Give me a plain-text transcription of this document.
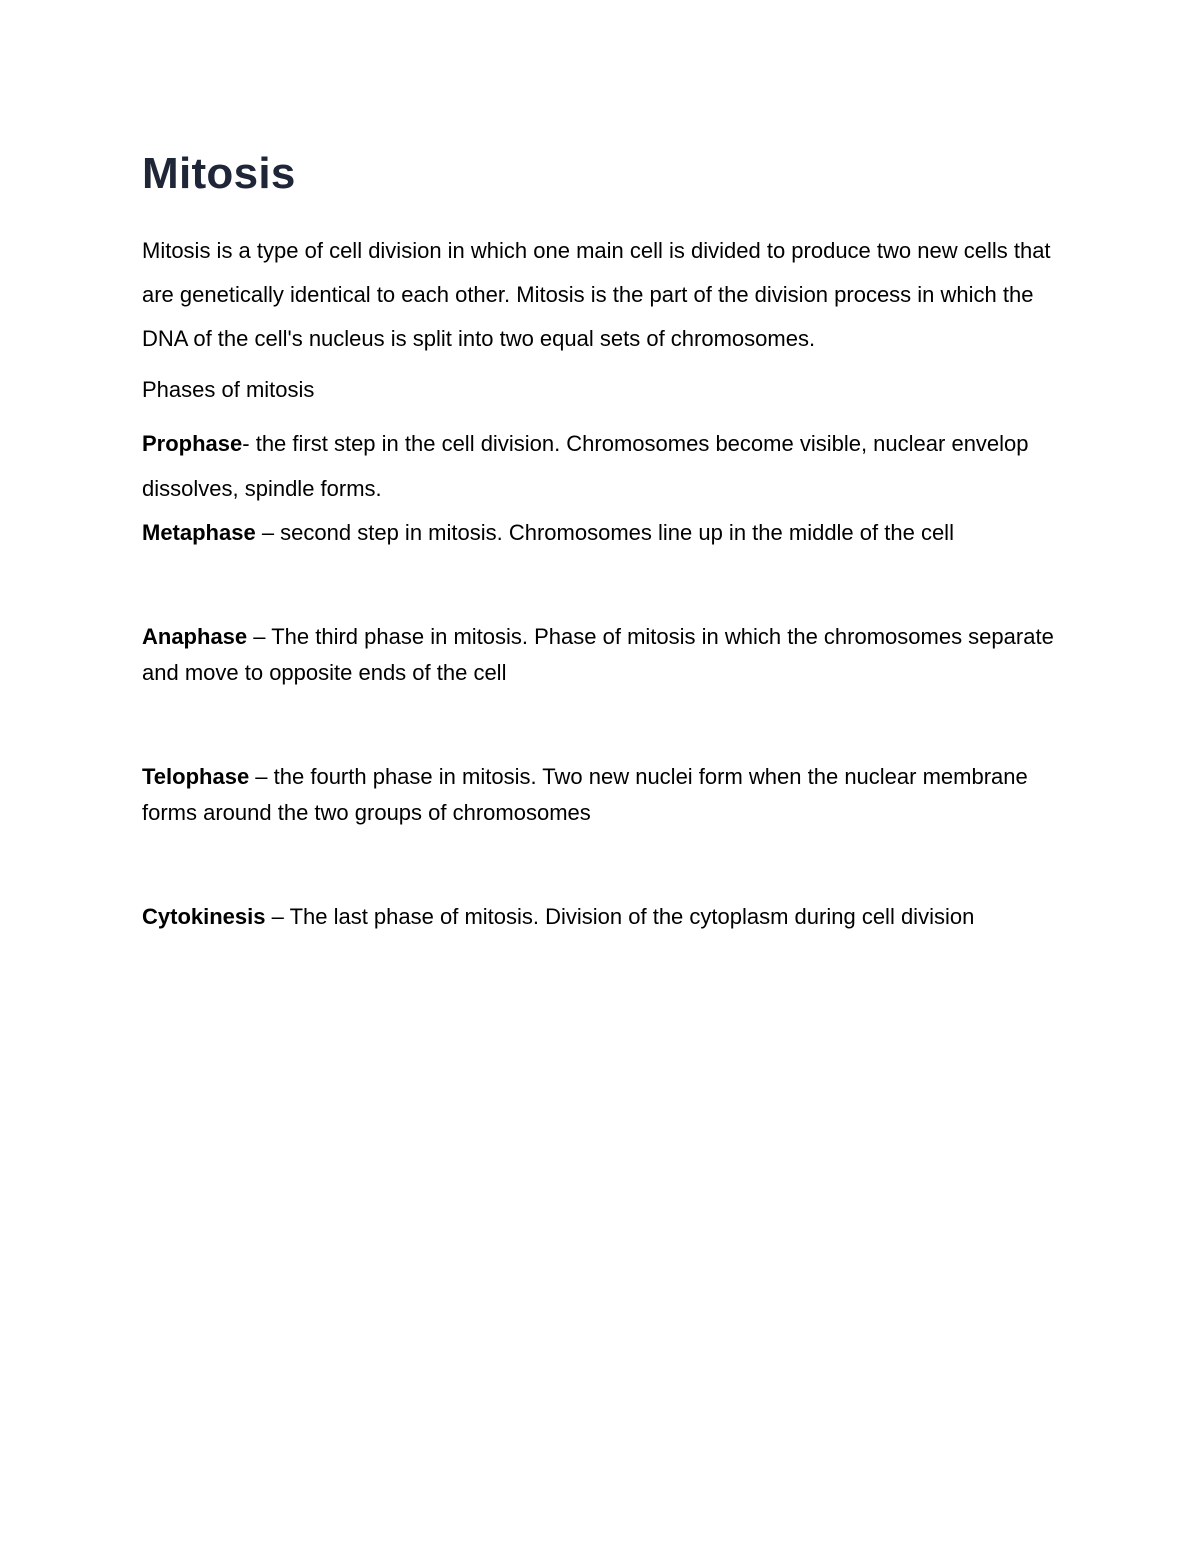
Mitosis

Mitosis is a type of cell division in which one main cell is divided to produce two new cells that are genetically identical to each other. Mitosis is the part of the division process in which the DNA of the cell's nucleus is split into two equal sets of chromosomes.

Phases of mitosis

Prophase- the first step in the cell division. Chromosomes become visible, nuclear envelop dissolves, spindle forms.

Metaphase – second step in mitosis. Chromosomes line up in the middle of the cell

Anaphase – The third phase in mitosis. Phase of mitosis in which the chromosomes separate and move to opposite ends of the cell

Telophase – the fourth phase in mitosis. Two new nuclei form when the nuclear membrane forms around the two groups of chromosomes

Cytokinesis – The last phase of mitosis. Division of the cytoplasm during cell division
